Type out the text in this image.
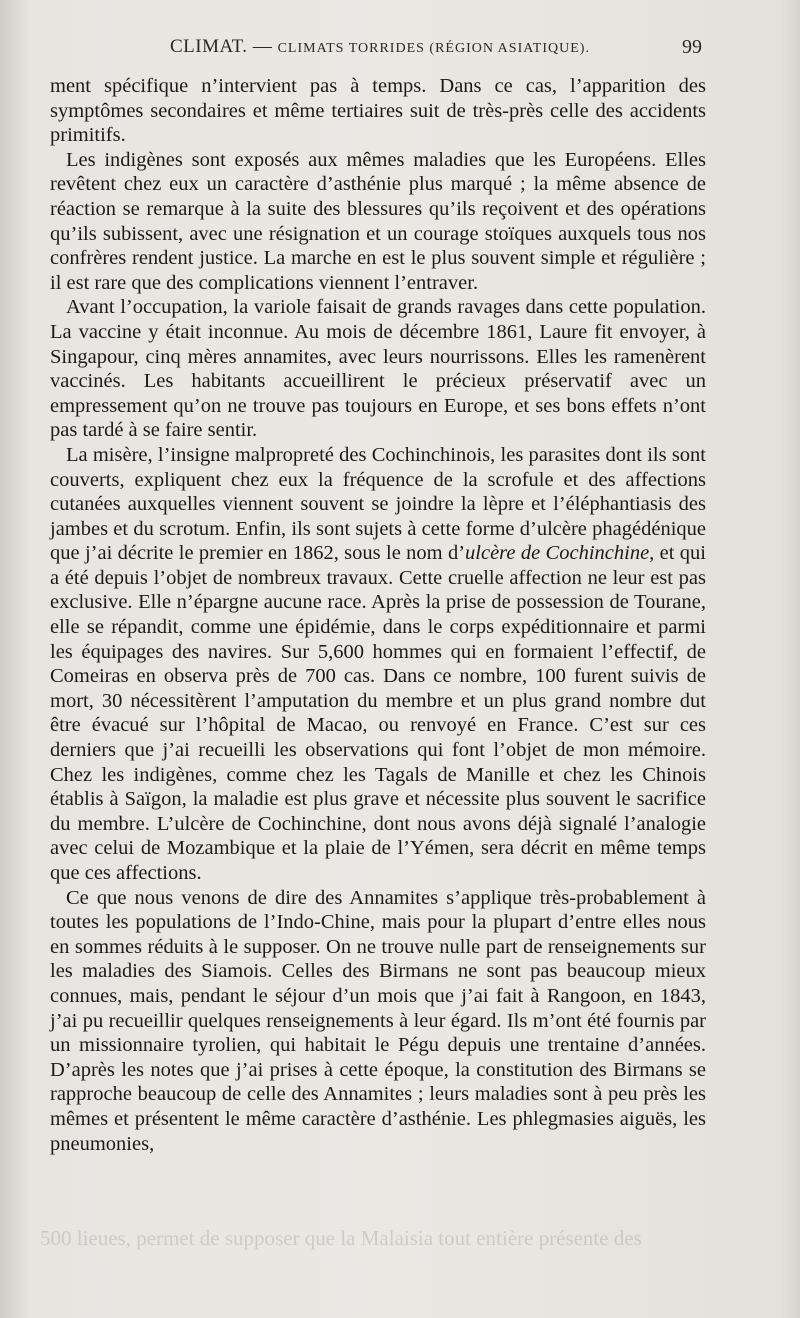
500 lieues, permet de supposer que la Malaisia tout entière présente des
CLIMAT. — CLIMATS TORRIDES (RÉGION ASIATIQUE).	99

ment spécifique n’intervient pas à temps. Dans ce cas, l’apparition des symptômes secondaires et même tertiaires suit de très-près celle des accidents primitifs.

Les indigènes sont exposés aux mêmes maladies que les Européens. Elles revêtent chez eux un caractère d’asthénie plus marqué ; la même absence de réaction se remarque à la suite des blessures qu’ils reçoivent et des opérations qu’ils subissent, avec une résignation et un courage stoïques auxquels tous nos confrères rendent justice. La marche en est le plus souvent simple et régulière ; il est rare que des complications viennent l’entraver.

Avant l’occupation, la variole faisait de grands ravages dans cette population. La vaccine y était inconnue. Au mois de décembre 1861, Laure fit envoyer, à Singapour, cinq mères annamites, avec leurs nourrissons. Elles les ramenèrent vaccinés. Les habitants accueillirent le précieux préservatif avec un empressement qu’on ne trouve pas toujours en Europe, et ses bons effets n’ont pas tardé à se faire sentir.

La misère, l’insigne malpropreté des Cochinchinois, les parasites dont ils sont couverts, expliquent chez eux la fréquence de la scrofule et des affections cutanées auxquelles viennent souvent se joindre la lèpre et l’éléphantiasis des jambes et du scrotum. Enfin, ils sont sujets à cette forme d’ulcère phagédénique que j’ai décrite le premier en 1862, sous le nom d’ulcère de Cochinchine, et qui a été depuis l’objet de nombreux travaux. Cette cruelle affection ne leur est pas exclusive. Elle n’épargne aucune race. Après la prise de possession de Tourane, elle se répandit, comme une épidémie, dans le corps expéditionnaire et parmi les équipages des navires. Sur 5,600 hommes qui en formaient l’effectif, de Comeiras en observa près de 700 cas. Dans ce nombre, 100 furent suivis de mort, 30 nécessitèrent l’amputation du membre et un plus grand nombre dut être évacué sur l’hôpital de Macao, ou renvoyé en France. C’est sur ces derniers que j’ai recueilli les observations qui font l’objet de mon mémoire. Chez les indigènes, comme chez les Tagals de Manille et chez les Chinois établis à Saïgon, la maladie est plus grave et nécessite plus souvent le sacrifice du membre. L’ulcère de Cochinchine, dont nous avons déjà signalé l’analogie avec celui de Mozambique et la plaie de l’Yémen, sera décrit en même temps que ces affections.

Ce que nous venons de dire des Annamites s’applique très-probablement à toutes les populations de l’Indo-Chine, mais pour la plupart d’entre elles nous en sommes réduits à le supposer. On ne trouve nulle part de renseignements sur les maladies des Siamois. Celles des Birmans ne sont pas beaucoup mieux connues, mais, pendant le séjour d’un mois que j’ai fait à Rangoon, en 1843, j’ai pu recueillir quelques renseignements à leur égard. Ils m’ont été fournis par un missionnaire tyrolien, qui habitait le Pégu depuis une trentaine d’années. D’après les notes que j’ai prises à cette époque, la constitution des Birmans se rapproche beaucoup de celle des Annamites ; leurs maladies sont à peu près les mêmes et présentent le même caractère d’asthénie. Les phlegmasies aiguës, les pneumonies,
